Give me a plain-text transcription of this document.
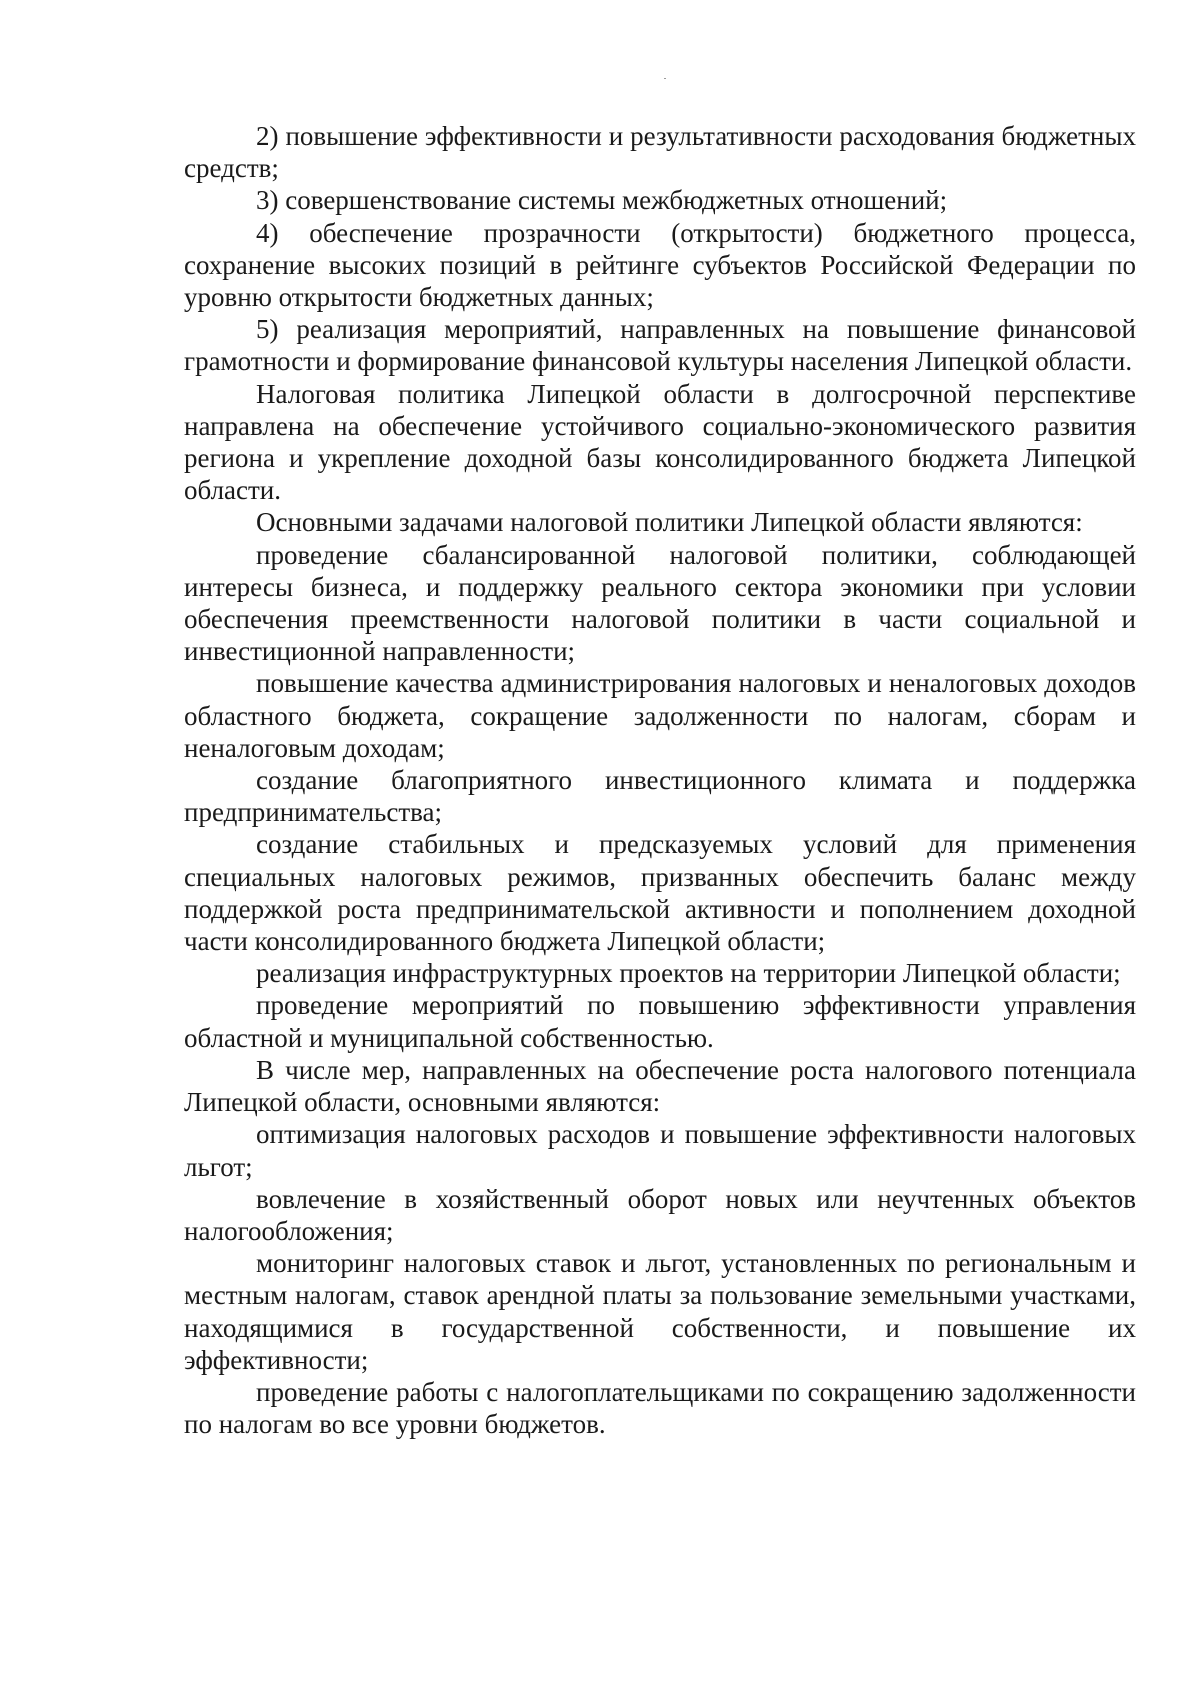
2) повышение эффективности и результативности расходования бюджетных средств;

3) совершенствование системы межбюджетных отношений;

4) обеспечение прозрачности (открытости) бюджетного процесса, сохранение высоких позиций в рейтинге субъектов Российской Федерации по уровню открытости бюджетных данных;

5) реализация мероприятий, направленных на повышение финансовой грамотности и формирование финансовой культуры населения Липецкой области.

Налоговая политика Липецкой области в долгосрочной перспективе направлена на обеспечение устойчивого социально-экономического развития региона и укрепление доходной базы консолидированного бюджета Липецкой области.

Основными задачами налоговой политики Липецкой области являются:

проведение сбалансированной налоговой политики, соблюдающей интересы бизнеса, и поддержку реального сектора экономики при условии обеспечения преемственности налоговой политики в части социальной и инвестиционной направленности;

повышение качества администрирования налоговых и неналоговых доходов областного бюджета, сокращение задолженности по налогам, сборам и неналоговым доходам;

создание благоприятного инвестиционного климата и поддержка предпринимательства;

создание стабильных и предсказуемых условий для применения специальных налоговых режимов, призванных обеспечить баланс между поддержкой роста предпринимательской активности и пополнением доходной части консолидированного бюджета Липецкой области;

реализация инфраструктурных проектов на территории Липецкой области;

проведение мероприятий по повышению эффективности управления областной и муниципальной собственностью.

В числе мер, направленных на обеспечение роста налогового потенциала Липецкой области, основными являются:

оптимизация налоговых расходов и повышение эффективности налоговых льгот;

вовлечение в хозяйственный оборот новых или неучтенных объектов налогообложения;

мониторинг налоговых ставок и льгот, установленных по региональным и местным налогам, ставок арендной платы за пользование земельными участками, находящимися в государственной собственности, и повышение их эффективности;

проведение работы с налогоплательщиками по сокращению задолженности по налогам во все уровни бюджетов.
